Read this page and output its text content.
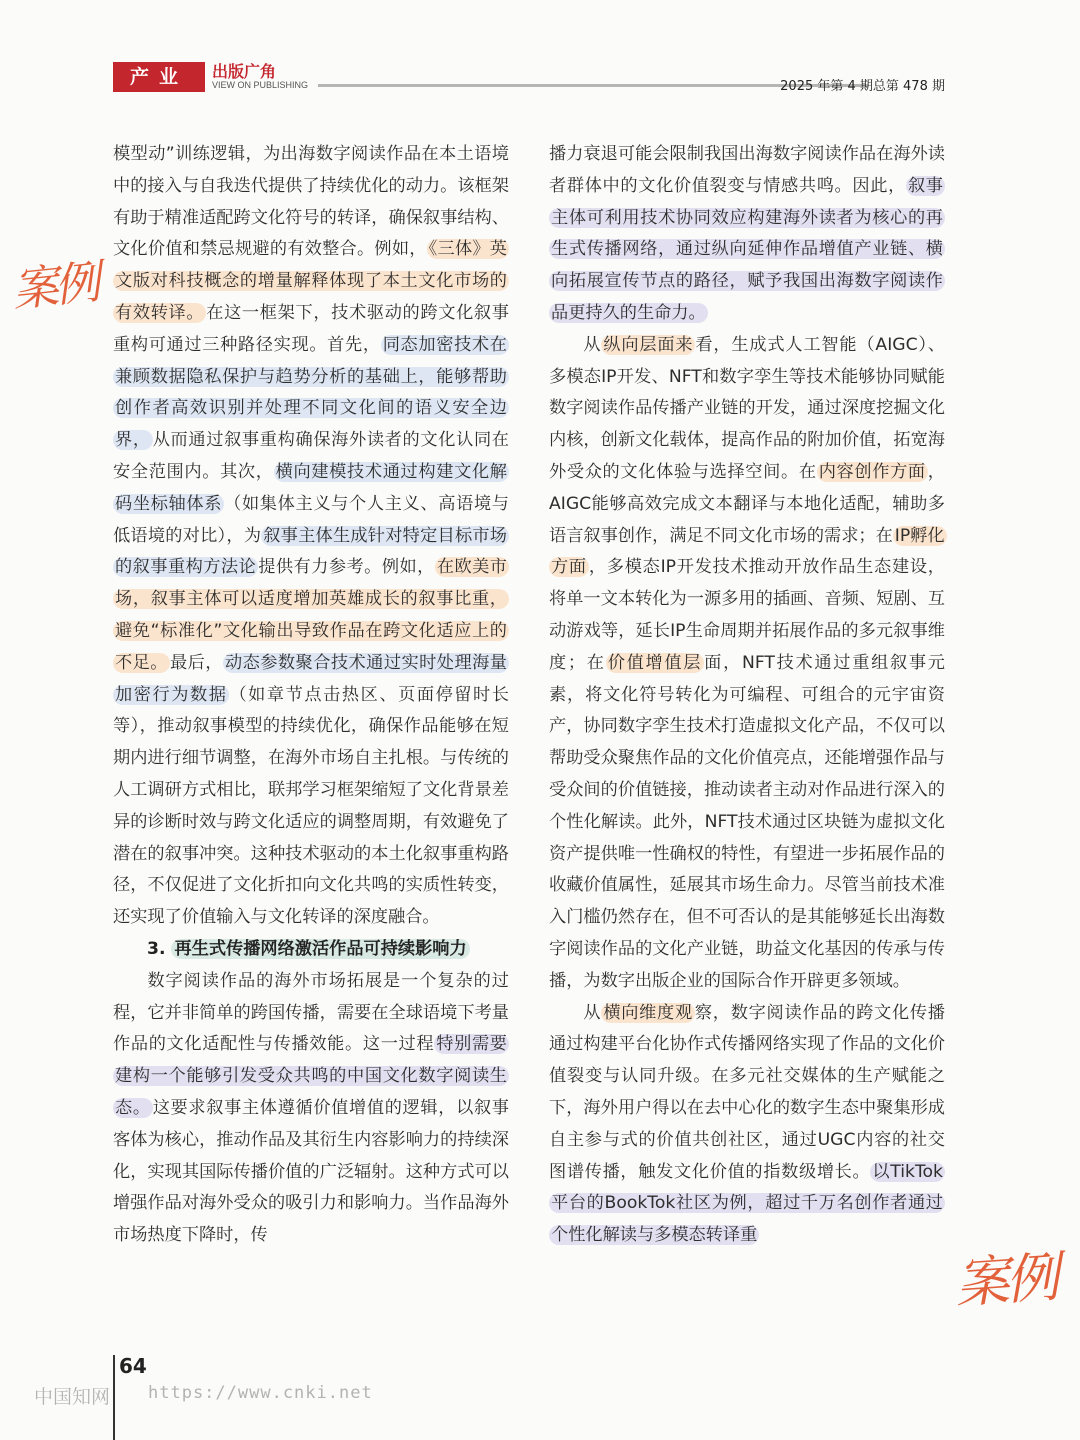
产业	出版广角
VIEW ON PUBLISHING	2025 年第 4 期总第 478 期

模型动”训练逻辑，为出海数字阅读作品在本土语境中的接入与自我迭代提供了持续优化的动力。该框架有助于精准适配跨文化符号的转译，确保叙事结构、文化价值和禁忌规避的有效整合。例如， 《三体》英文版对科技概念的增量解释体现了本土文化市场的有效转译。 在这一框架下，技术驱动的跨文化叙事重构可通过三种路径实现。首先， 同态加密技术在兼顾数据隐私保护与趋势分析的基础上，能够帮助创作者高效识别并处理不同文化间的语义安全边界， 从而通过叙事重构确保海外读者的文化认同在安全范围内。其次， 横向建模技术通过构建文化解码坐标轴体系 （如集体主义与个人主义、高语境与低语境的对比），为 叙事主体生成针对特定目标市场的叙事重构方法论 提供有力参考。例如， 在欧美市场，叙事主体可以适度增加英雄成长的叙事比重，避免“标准化”文化输出导致作品在跨文化适应上的不足。 最后， 动态参数聚合技术通过实时处理海量加密行为数据 （如章节点击热区、页面停留时长等），推动叙事模型的持续优化，确保作品能够在短期内进行细节调整，在海外市场自主扎根。与传统的人工调研方式相比，联邦学习框架缩短了文化背景差异的诊断时效与跨文化适应的调整周期，有效避免了潜在的叙事冲突。这种技术驱动的本土化叙事重构路径，不仅促进了文化折扣向文化共鸣的实质性转变，还实现了价值输入与文化转译的深度融合。

3. 再生式传播网络激活作品可持续影响力

数字阅读作品的海外市场拓展是一个复杂的过程，它并非简单的跨国传播，需要在全球语境下考量作品的文化适配性与传播效能。这一过程 特别需要建构一个能够引发受众共鸣的中国文化数字阅读生态。 这要求叙事主体遵循价值增值的逻辑，以叙事客体为核心，推动作品及其衍生内容影响力的持续深化，实现其国际传播价值的广泛辐射。这种方式可以增强作品对海外受众的吸引力和影响力。当作品海外市场热度下降时，传

播力衰退可能会限制我国出海数字阅读作品在海外读者群体中的文化价值裂变与情感共鸣。因此， 叙事主体可利用技术协同效应构建海外读者为核心的再生式传播网络，通过纵向延伸作品增值产业链、横向拓展宣传节点的路径，赋予我国出海数字阅读作品更持久的生命力。

从 纵向层面来 看，生成式人工智能（AIGC）、多模态IP开发、NFT和数字孪生等技术能够协同赋能数字阅读作品传播产业链的开发，通过深度挖掘文化内核，创新文化载体，提高作品的附加价值，拓宽海外受众的文化体验与选择空间。在 内容创作方面 ，AIGC能够高效完成文本翻译与本地化适配，辅助多语言叙事创作，满足不同文化市场的需求；在 IP孵化方面 ，多模态IP开发技术推动开放作品生态建设，将单一文本转化为一源多用的插画、音频、短剧、互动游戏等，延长IP生命周期并拓展作品的多元叙事维度；在 价值增值层 面，NFT技术通过重组叙事元素，将文化符号转化为可编程、可组合的元宇宙资产，协同数字孪生技术打造虚拟文化产品，不仅可以帮助受众聚焦作品的文化价值亮点，还能增强作品与受众间的价值链接，推动读者主动对作品进行深入的个性化解读。此外，NFT技术通过区块链为虚拟文化资产提供唯一性确权的特性，有望进一步拓展作品的收藏价值属性，延展其市场生命力。尽管当前技术准入门槛仍然存在，但不可否认的是其能够延长出海数字阅读作品的文化产业链，助益文化基因的传承与传播，为数字出版企业的国际合作开辟更多领域。

从 横向维度观 察，数字阅读作品的跨文化传播通过构建平台化协作式传播网络实现了作品的文化价值裂变与认同升级。在多元社交媒体的生产赋能之下，海外用户得以在去中心化的数字生态中聚集形成自主参与式的价值共创社区，通过UGC内容的社交图谱传播，触发文化价值的指数级增长。 以TikTok平台的BookTok社区为例，超过千万名创作者通过个性化解读与多模态转译重

案例
案例
64
中国知网 https://www.cnki.net
